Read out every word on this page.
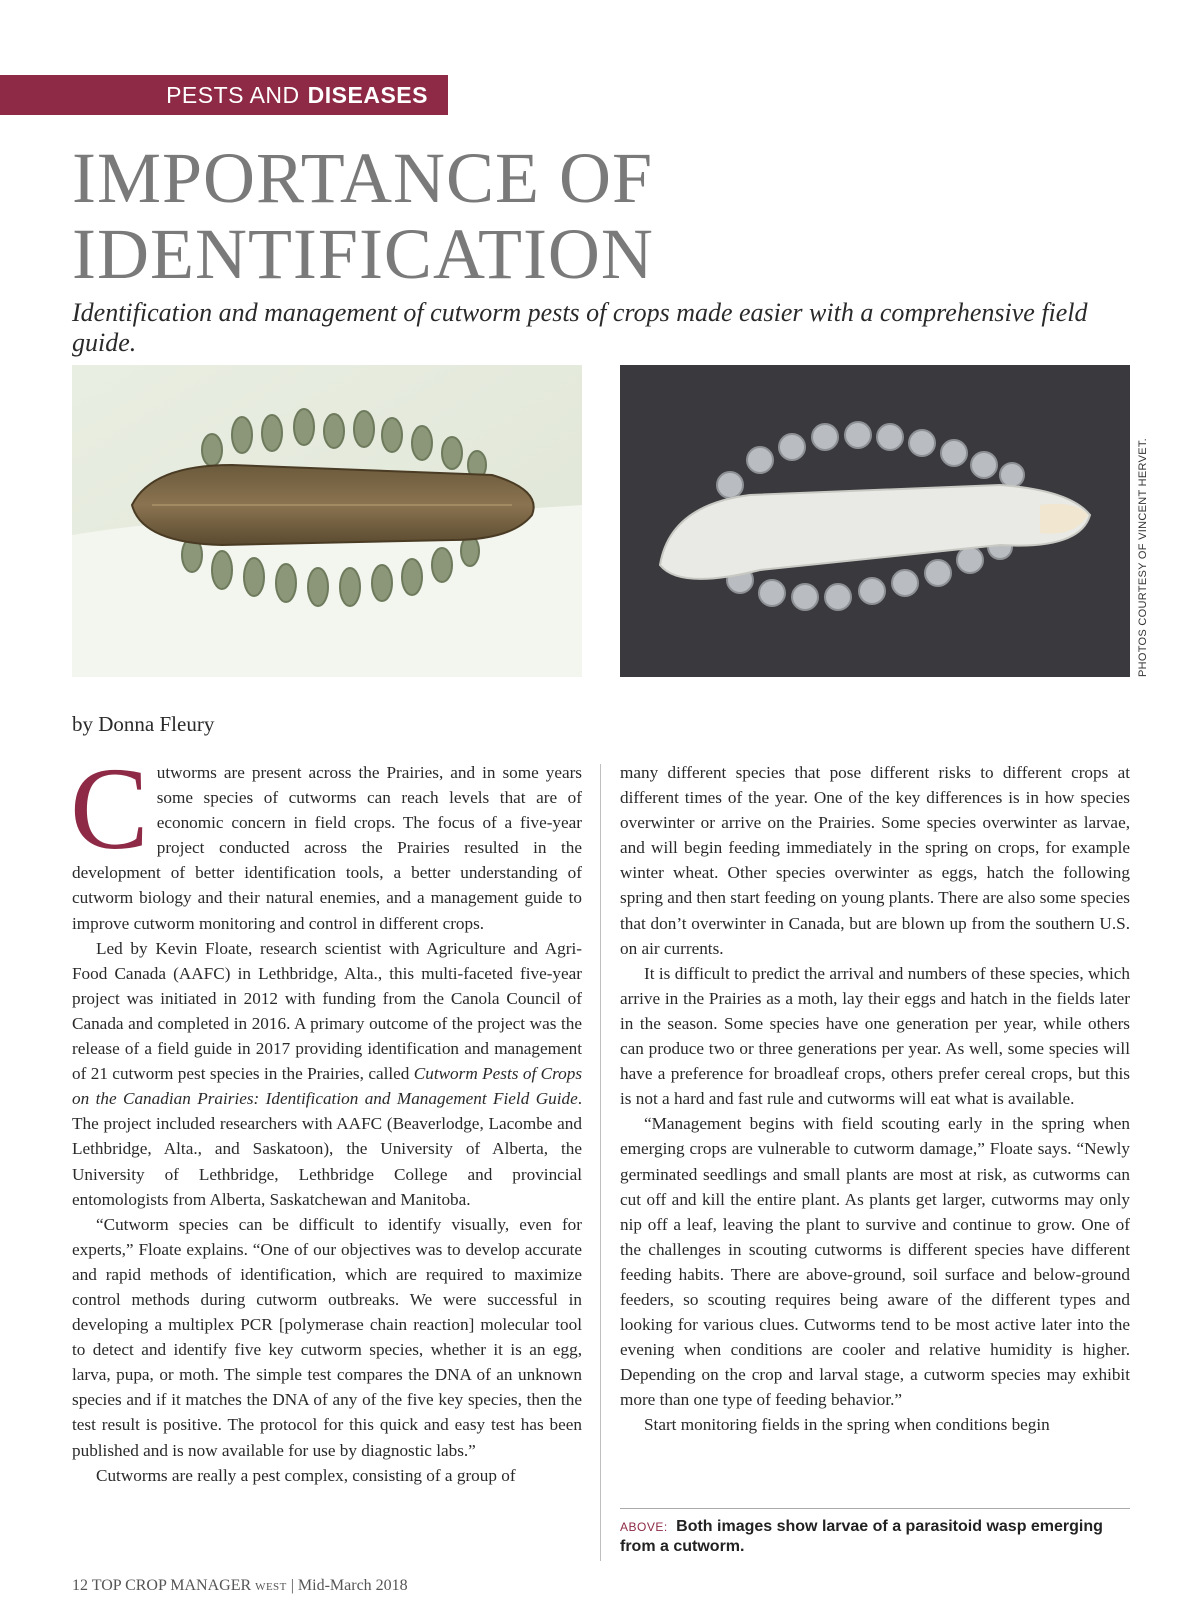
PESTS AND DISEASES
IMPORTANCE OF
IDENTIFICATION
Identification and management of cutworm pests of crops made easier with a comprehensive field guide.
PHOTOS COURTESY OF VINCENT HERVET.
by Donna Fleury

Cutworms are present across the Prairies, and in some years some species of cutworms can reach levels that are of economic concern in field crops. The focus of a five-year project conducted across the Prairies resulted in the development of better identification tools, a better understanding of cutworm biology and their natural enemies, and a management guide to improve cutworm monitoring and control in different crops.

Led by Kevin Floate, research scientist with Agriculture and Agri-Food Canada (AAFC) in Lethbridge, Alta., this multi-faceted five-year project was initiated in 2012 with funding from the Canola Council of Canada and completed in 2016. A primary outcome of the project was the release of a field guide in 2017 providing identification and management of 21 cutworm pest species in the Prairies, called Cutworm Pests of Crops on the Canadian Prairies: Identification and Management Field Guide. The project included researchers with AAFC (Beaverlodge, Lacombe and Lethbridge, Alta., and Saskatoon), the University of Alberta, the University of Lethbridge, Lethbridge College and provincial entomologists from Alberta, Saskatchewan and Manitoba.

“Cutworm species can be difficult to identify visually, even for experts,” Floate explains. “One of our objectives was to develop accurate and rapid methods of identification, which are required to maximize control methods during cutworm outbreaks. We were successful in developing a multiplex PCR [polymerase chain reaction] molecular tool to detect and identify five key cutworm species, whether it is an egg, larva, pupa, or moth. The simple test compares the DNA of an unknown species and if it matches the DNA of any of the five key species, then the test result is positive. The protocol for this quick and easy test has been published and is now available for use by diagnostic labs.”

Cutworms are really a pest complex, consisting of a group of

many different species that pose different risks to different crops at different times of the year. One of the key differences is in how species overwinter or arrive on the Prairies. Some species overwinter as larvae, and will begin feeding immediately in the spring on crops, for example winter wheat. Other species overwinter as eggs, hatch the following spring and then start feeding on young plants. There are also some species that don’t overwinter in Canada, but are blown up from the southern U.S. on air currents.

It is difficult to predict the arrival and numbers of these species, which arrive in the Prairies as a moth, lay their eggs and hatch in the fields later in the season. Some species have one generation per year, while others can produce two or three generations per year. As well, some species will have a preference for broadleaf crops, others prefer cereal crops, but this is not a hard and fast rule and cutworms will eat what is available.

“Management begins with field scouting early in the spring when emerging crops are vulnerable to cutworm damage,” Floate says. “Newly germinated seedlings and small plants are most at risk, as cutworms can cut off and kill the entire plant. As plants get larger, cutworms may only nip off a leaf, leaving the plant to survive and continue to grow. One of the challenges in scouting cutworms is different species have different feeding habits. There are above-ground, soil surface and below-ground feeders, so scouting requires being aware of the different types and looking for various clues. Cutworms tend to be most active later into the evening when conditions are cooler and relative humidity is higher. Depending on the crop and larval stage, a cutworm species may exhibit more than one type of feeding behavior.”

Start monitoring fields in the spring when conditions begin

ABOVE: Both images show larvae of a parasitoid wasp emerging from a cutworm.
12 TOP CROP MANAGER WEST | Mid-March 2018
